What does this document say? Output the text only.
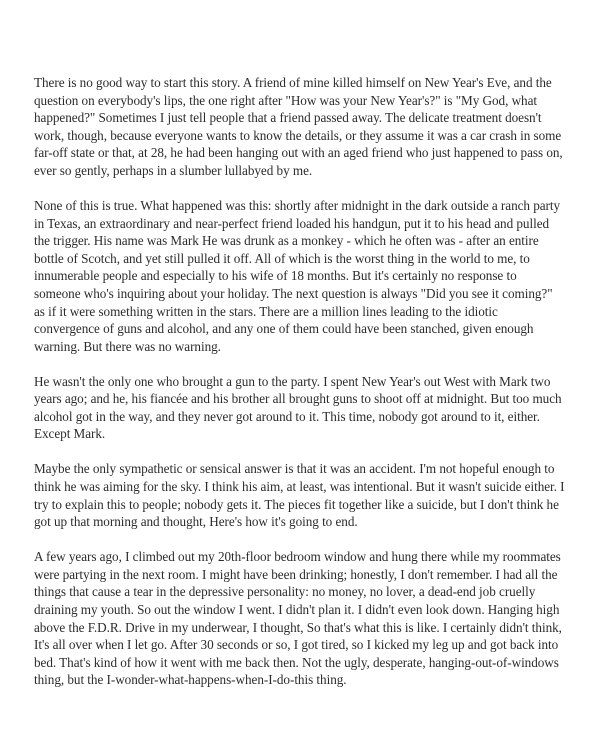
There is no good way to start this story. A friend of mine killed himself on New Year's Eve, and the question on everybody's lips, the one right after "How was your New Year's?" is "My God, what happened?" Sometimes I just tell people that a friend passed away. The delicate treatment doesn't work, though, because everyone wants to know the details, or they assume it was a car crash in some far-off state or that, at 28, he had been hanging out with an aged friend who just happened to pass on, ever so gently, perhaps in a slumber lullabyed by me.

None of this is true. What happened was this: shortly after midnight in the dark outside a ranch party in Texas, an extraordinary and near-perfect friend loaded his handgun, put it to his head and pulled the trigger. His name was Mark He was drunk as a monkey - which he often was - after an entire bottle of Scotch, and yet still pulled it off. All of which is the worst thing in the world to me, to innumerable people and especially to his wife of 18 months. But it's certainly no response to someone who's inquiring about your holiday. The next question is always "Did you see it coming?" as if it were something written in the stars. There are a million lines leading to the idiotic convergence of guns and alcohol, and any one of them could have been stanched, given enough warning. But there was no warning.

He wasn't the only one who brought a gun to the party. I spent New Year's out West with Mark two years ago; and he, his fiancée and his brother all brought guns to shoot off at midnight. But too much alcohol got in the way, and they never got around to it. This time, nobody got around to it, either. Except Mark.

Maybe the only sympathetic or sensical answer is that it was an accident. I'm not hopeful enough to think he was aiming for the sky. I think his aim, at least, was intentional. But it wasn't suicide either. I try to explain this to people; nobody gets it. The pieces fit together like a suicide, but I don't think he got up that morning and thought, Here's how it's going to end.

A few years ago, I climbed out my 20th-floor bedroom window and hung there while my roommates were partying in the next room. I might have been drinking; honestly, I don't remember. I had all the things that cause a tear in the depressive personality: no money, no lover, a dead-end job cruelly draining my youth. So out the window I went. I didn't plan it. I didn't even look down. Hanging high above the F.D.R. Drive in my underwear, I thought, So that's what this is like. I certainly didn't think, It's all over when I let go. After 30 seconds or so, I got tired, so I kicked my leg up and got back into bed. That's kind of how it went with me back then. Not the ugly, desperate, hanging-out-of-windows thing, but the I-wonder-what-happens-when-I-do-this thing.
